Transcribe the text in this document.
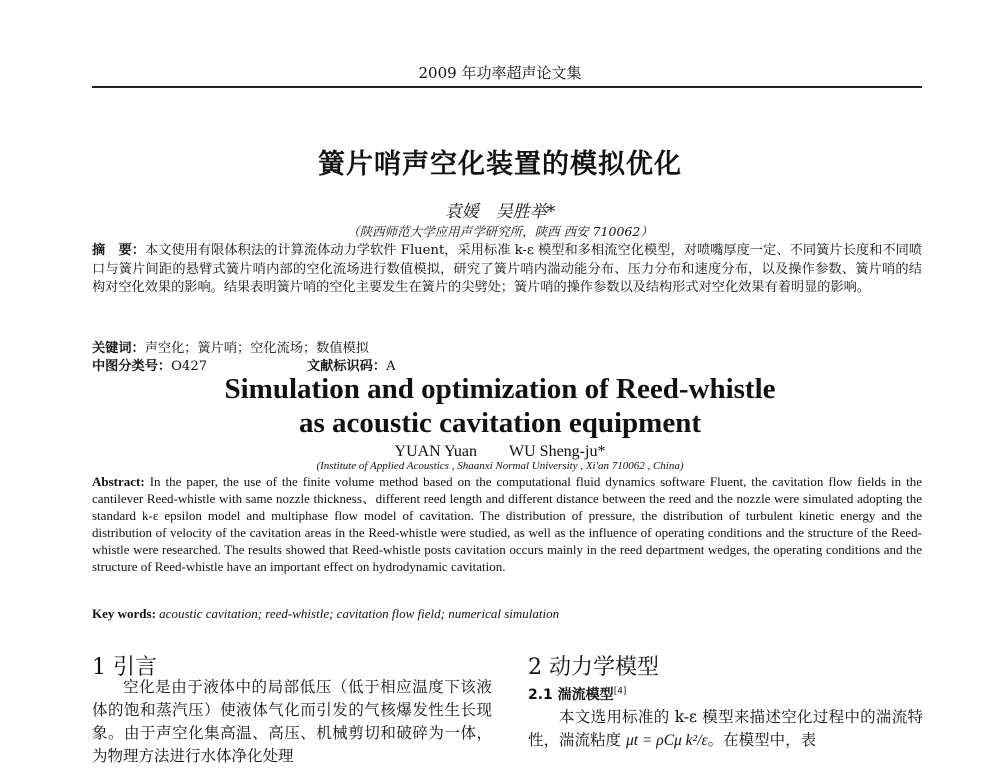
2009 年功率超声论文集
簧片哨声空化装置的模拟优化
袁媛　吴胜举*
（陕西师范大学应用声学研究所，陕西 西安 710062）
摘　要：本文使用有限体积法的计算流体动力学软件 Fluent，采用标准 k-ε 模型和多相流空化模型，对喷嘴厚度一定、不同簧片长度和不同喷口与簧片间距的悬臂式簧片哨内部的空化流场进行数值模拟，研究了簧片哨内湍动能分布、压力分布和速度分布，以及操作参数、簧片哨的结构对空化效果的影响。结果表明簧片哨的空化主要发生在簧片的尖劈处；簧片哨的操作参数以及结构形式对空化效果有着明显的影响。
关键词：声空化；簧片哨；空化流场；数值模拟
中图分类号：O427	文献标识码：A
Simulation and optimization of Reed-whistle
as acoustic cavitation equipment
YUAN Yuan　　WU Sheng-ju*
(Institute of Applied Acoustics , Shaanxi Normal University , Xi'an 710062 , China)
Abstract: In the paper, the use of the finite volume method based on the computational fluid dynamics software Fluent, the cavitation flow fields in the cantilever Reed-whistle with same nozzle thickness、different reed length and different distance between the reed and the nozzle were simulated adopting the standard k-ε epsilon model and multiphase flow model of cavitation. The distribution of pressure, the distribution of turbulent kinetic energy and the distribution of velocity of the cavitation areas in the Reed-whistle were studied, as well as the influence of operating conditions and the structure of the Reed-whistle were researched. The results showed that Reed-whistle posts cavitation occurs mainly in the reed department wedges, the operating conditions and the structure of Reed-whistle have an important effect on hydrodynamic cavitation.
Key words: acoustic cavitation; reed-whistle; cavitation flow field; numerical simulation
1 引言

空化是由于液体中的局部低压（低于相应温度下该液体的饱和蒸汽压）使液体气化而引发的气核爆发性生长现象。由于声空化集高温、高压、机械剪切和破碎为一体，为物理方法进行水体净化处理

2 动力学模型
2.1 湍流模型[4]
本文选用标准的 k-ε 模型来描述空化过程中的湍流特性，湍流粘度 μt = ρCμ k²/ε。在模型中，表
